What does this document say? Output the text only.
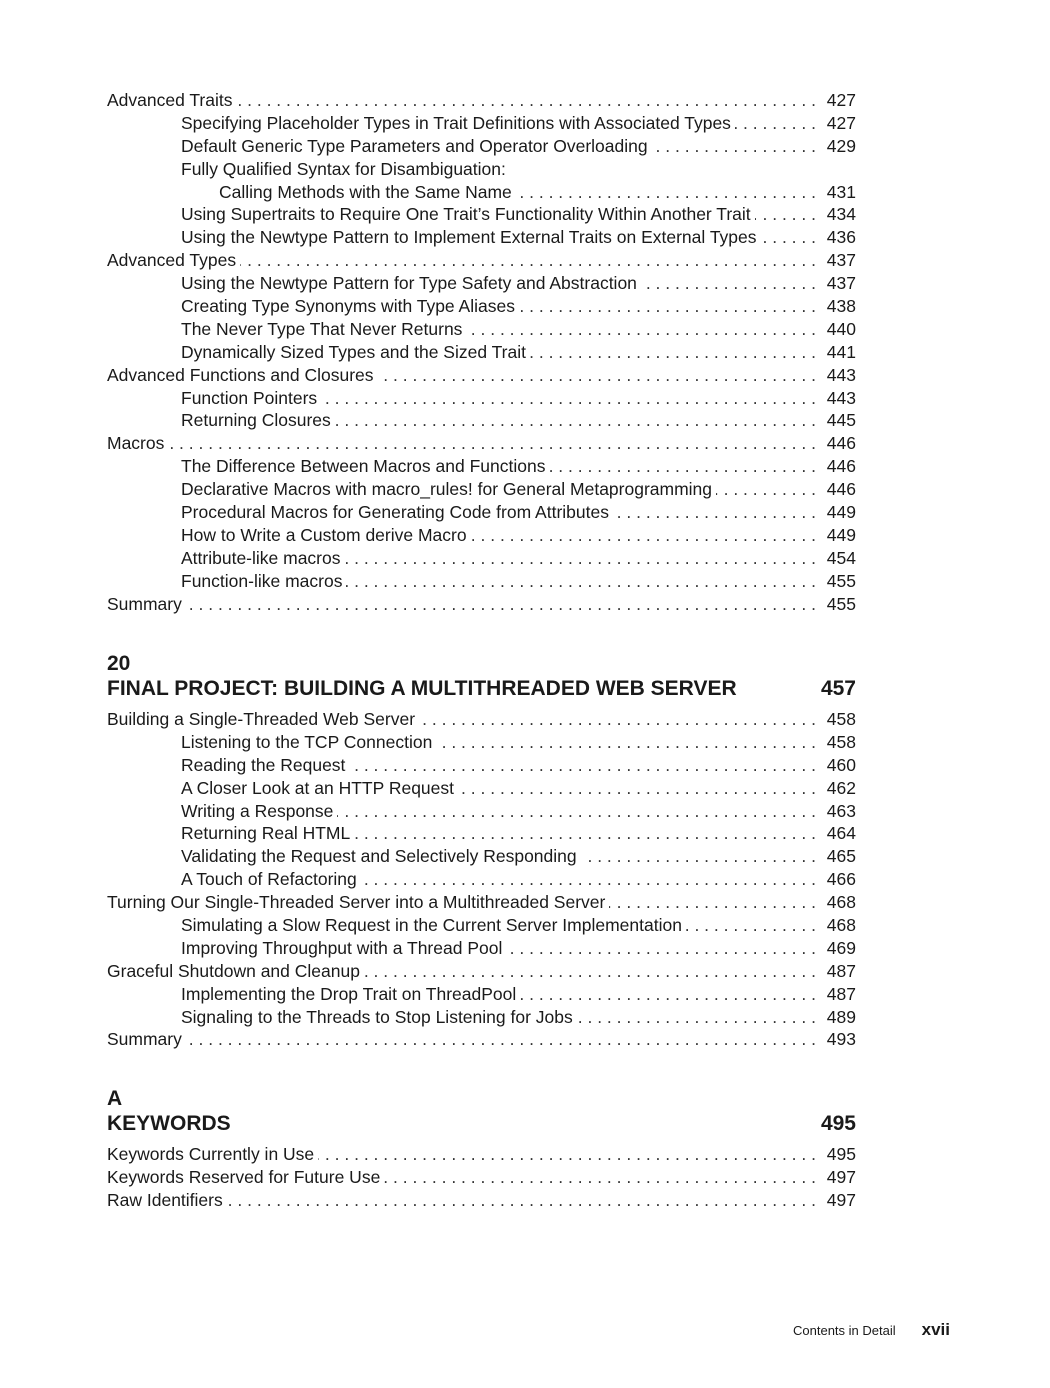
Advanced Traits . . .	427
Specifying Placeholder Types in Trait Definitions with Associated Types . . .	427
Default Generic Type Parameters and Operator Overloading . . .	429
Fully Qualified Syntax for Disambiguation:
Calling Methods with the Same Name . . .	431
Using Supertraits to Require One Trait’s Functionality Within Another Trait . . .	434
Using the Newtype Pattern to Implement External Traits on External Types . . .	436
Advanced Types . . .	437
Using the Newtype Pattern for Type Safety and Abstraction . . .	437
Creating Type Synonyms with Type Aliases . . .	438
The Never Type That Never Returns . . .	440
Dynamically Sized Types and the Sized Trait . . .	441
Advanced Functions and Closures . . .	443
Function Pointers . . .	443
Returning Closures . . .	445
Macros . . .	446
The Difference Between Macros and Functions . . .	446
Declarative Macros with macro_rules! for General Metaprogramming . . .	446
Procedural Macros for Generating Code from Attributes . . .	449
How to Write a Custom derive Macro . . .	449
Attribute-like macros . . .	454
Function-like macros . . .	455
Summary . . .	455
20
FINAL PROJECT: BUILDING A MULTITHREADED WEB SERVER	457
Building a Single-Threaded Web Server . . .	458
Listening to the TCP Connection . . .	458
Reading the Request . . .	460
A Closer Look at an HTTP Request . . .	462
Writing a Response . . .	463
Returning Real HTML . . .	464
Validating the Request and Selectively Responding . . .	465
A Touch of Refactoring . . .	466
Turning Our Single-Threaded Server into a Multithreaded Server . . .	468
Simulating a Slow Request in the Current Server Implementation . . .	468
Improving Throughput with a Thread Pool . . .	469
Graceful Shutdown and Cleanup . . .	487
Implementing the Drop Trait on ThreadPool . . .	487
Signaling to the Threads to Stop Listening for Jobs . . .	489
Summary . . .	493
A
KEYWORDS	495
Keywords Currently in Use . . .	495
Keywords Reserved for Future Use . . .	497
Raw Identifiers . . .	497
Contents in Detail xvii
